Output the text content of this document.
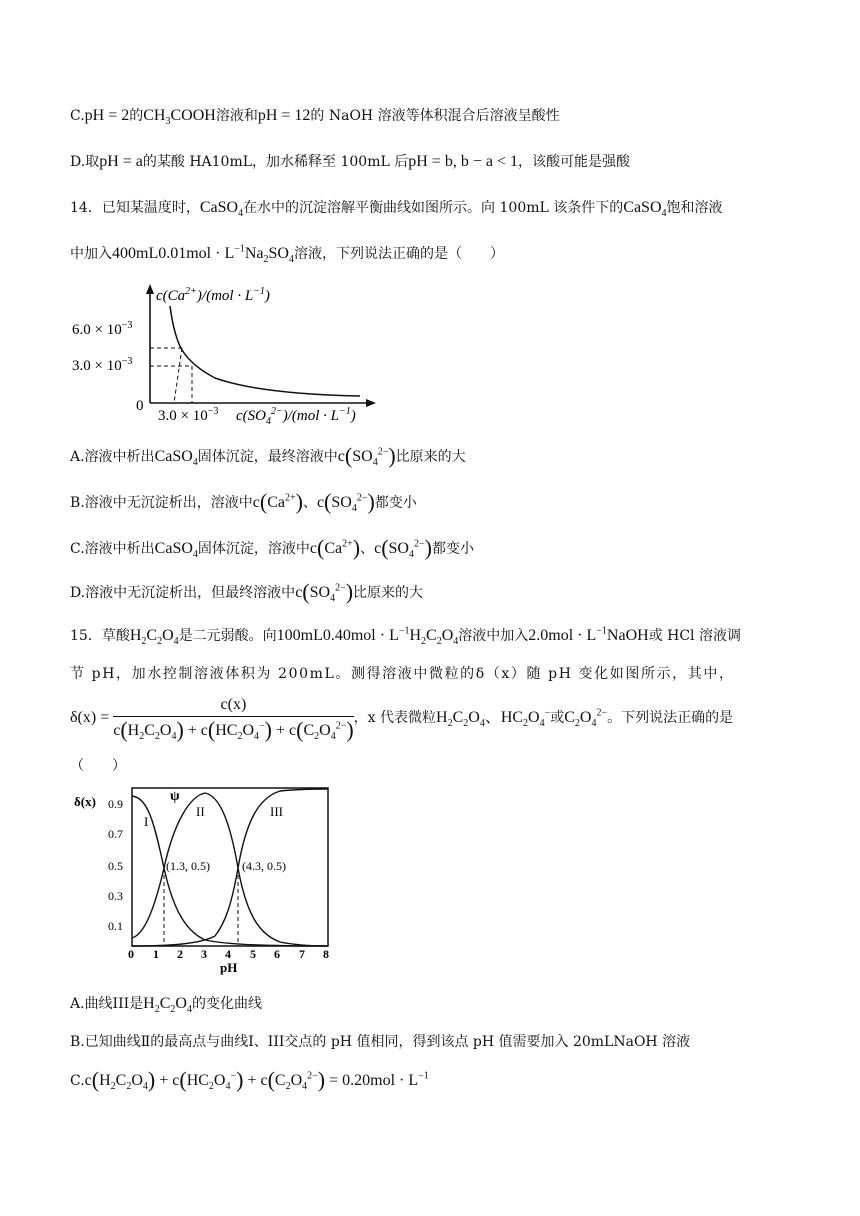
C.pH = 2的$CH_3COOH$溶液和pH = 12的 NaOH 溶液等体积混合后溶液呈酸性
D.取pH = a的某酸 HA10mL，加水稀释至 100mL 后pH = b, b − a < 1，该酸可能是强酸
14．已知某温度时，CaSO$_4$在水中的沉淀溶解平衡曲线如图所示。向 100mL 该条件下的CaSO$_4$饱和溶液
中加入$400mL0.01mol \cdot L^{-1}Na_2SO_4$溶液，下列说法正确的是（　　）
$c(Ca^{2+})/(mol \cdot L^{-1})$
$6.0 \times 10^{-3}$
$3.0 \times 10^{-3}$
0
$3.0 \times 10^{-3}$ $c(SO_4^{2-})/(mol \cdot L^{-1})$
A.溶液中析出CaSO$_4$固体沉淀，最终溶液中$c(SO_4^{2-})$比原来的大
B.溶液中无沉淀析出，溶液中$c(Ca^{2+})$、$c(SO_4^{2-})$都变小
C.溶液中析出CaSO$_4$固体沉淀，溶液中$c(Ca^{2+})$、$c(SO_4^{2-})$都变小
D.溶液中无沉淀析出，但最终溶液中$c(SO_4^{2-})$比原来的大
15．草酸$H_2C_2O_4$是二元弱酸。向$100mL0.40mol \cdot L^{-1}H_2C_2O_4$溶液中加入$2.0mol \cdot L^{-1}NaOH$或 HCl 溶液调
节 pH，加水控制溶液体积为 200mL。测得溶液中微粒的δ（x）随 pH 变化如图所示，其中，
$\delta(x) = \frac{c(x)}{c(H_2C_2O_4) + c(HC_2O_4^-) + c(C_2O_4^{2-})}$ ，x 代表微粒$H_2C_2O_4$、$HC_2O_4^-$或$C_2O_4^{2-}$。下列说法正确的是
（　　）
δ(x) 0.9
0.7
0.5
0.3
0.1
0 1 2 3 4 5 6 7 8
pH
I
II	III
ψ
(1.3, 0.5)	(4.3, 0.5)
A.曲线III是$H_2C_2O_4$的变化曲线
B.已知曲线Ⅱ的最高点与曲线Ⅰ、III交点的 pH 值相同，得到该点 pH 值需要加入 20mLNaOH 溶液
$C.c(H_2C_2O_4) + c(HC_2O_4^-) + c(C_2O_4^{2-}) = 0.20mol \cdot L^{-1}$
